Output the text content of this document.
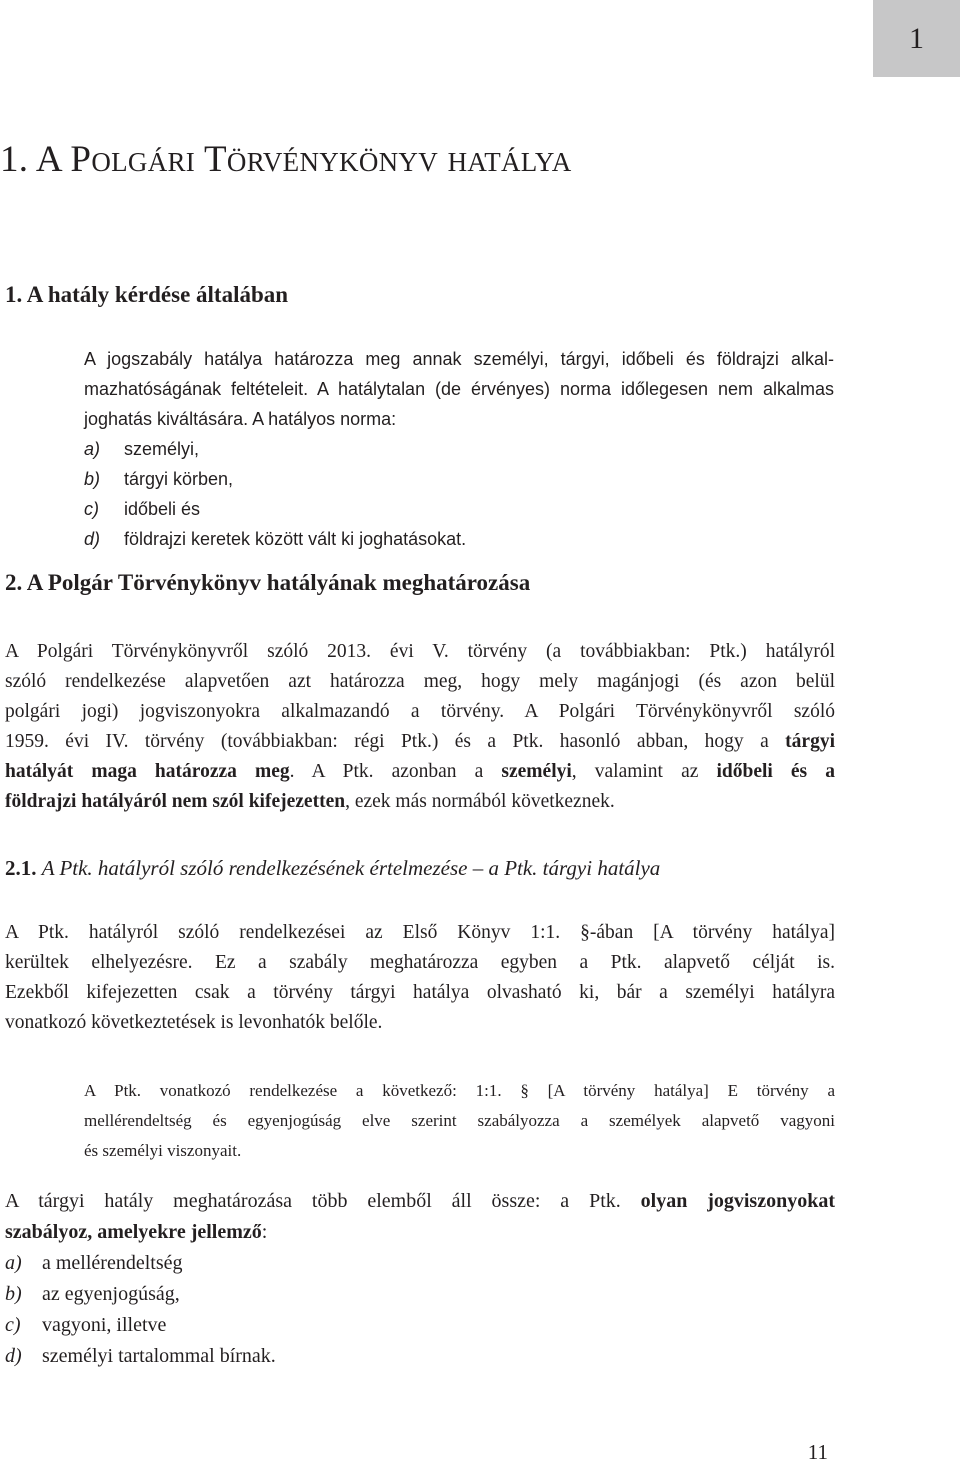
1
1. A POLGÁRI TÖRVÉNYKÖNYV HATÁLYA
1. A hatály kérdése általában
A jogszabály hatálya határozza meg annak személyi, tárgyi, időbeli és földrajzi alkal-
mazhatóságának feltételeit. A hatálytalan (de érvényes) norma időlegesen nem alkalmas
joghatás kiváltására. A hatályos norma:
a) személyi,
b) tárgyi körben,
c) időbeli és
d) földrajzi keretek között vált ki joghatásokat.
2. A Polgár Törvénykönyv hatályának meghatározása
A Polgári Törvénykönyvről szóló 2013. évi V. törvény (a továbbiakban: Ptk.) hatályról
szóló rendelkezése alapvetően azt határozza meg, hogy mely magánjogi (és azon belül
polgári jogi) jogviszonyokra alkalmazandó a törvény. A Polgári Törvénykönyvről szóló
1959. évi IV. törvény (továbbiakban: régi Ptk.) és a Ptk. hasonló abban, hogy a tárgyi
hatályát maga határozza meg. A Ptk. azonban a személyi, valamint az időbeli és a
földrajzi hatályáról nem szól kifejezetten, ezek más normából következnek.
2.1. A Ptk. hatályról szóló rendelkezésének értelmezése – a Ptk. tárgyi hatálya
A Ptk. hatályról szóló rendelkezései az Első Könyv 1:1. §-ában [A törvény hatálya]
kerültek elhelyezésre. Ez a szabály meghatározza egyben a Ptk. alapvető célját is.
Ezekből kifejezetten csak a törvény tárgyi hatálya olvasható ki, bár a személyi hatályra
vonatkozó következtetések is levonhatók belőle.
A Ptk. vonatkozó rendelkezése a következő: 1:1. § [A törvény hatálya] E törvény a
mellérendeltség és egyenjogúság elve szerint szabályozza a személyek alapvető vagyoni
és személyi viszonyait.
A tárgyi hatály meghatározása több elemből áll össze: a Ptk. olyan jogviszonyokat
szabályoz, amelyekre jellemző:
a) a mellérendeltség
b) az egyenjogúság,
c) vagyoni, illetve
d) személyi tartalommal bírnak.
11
